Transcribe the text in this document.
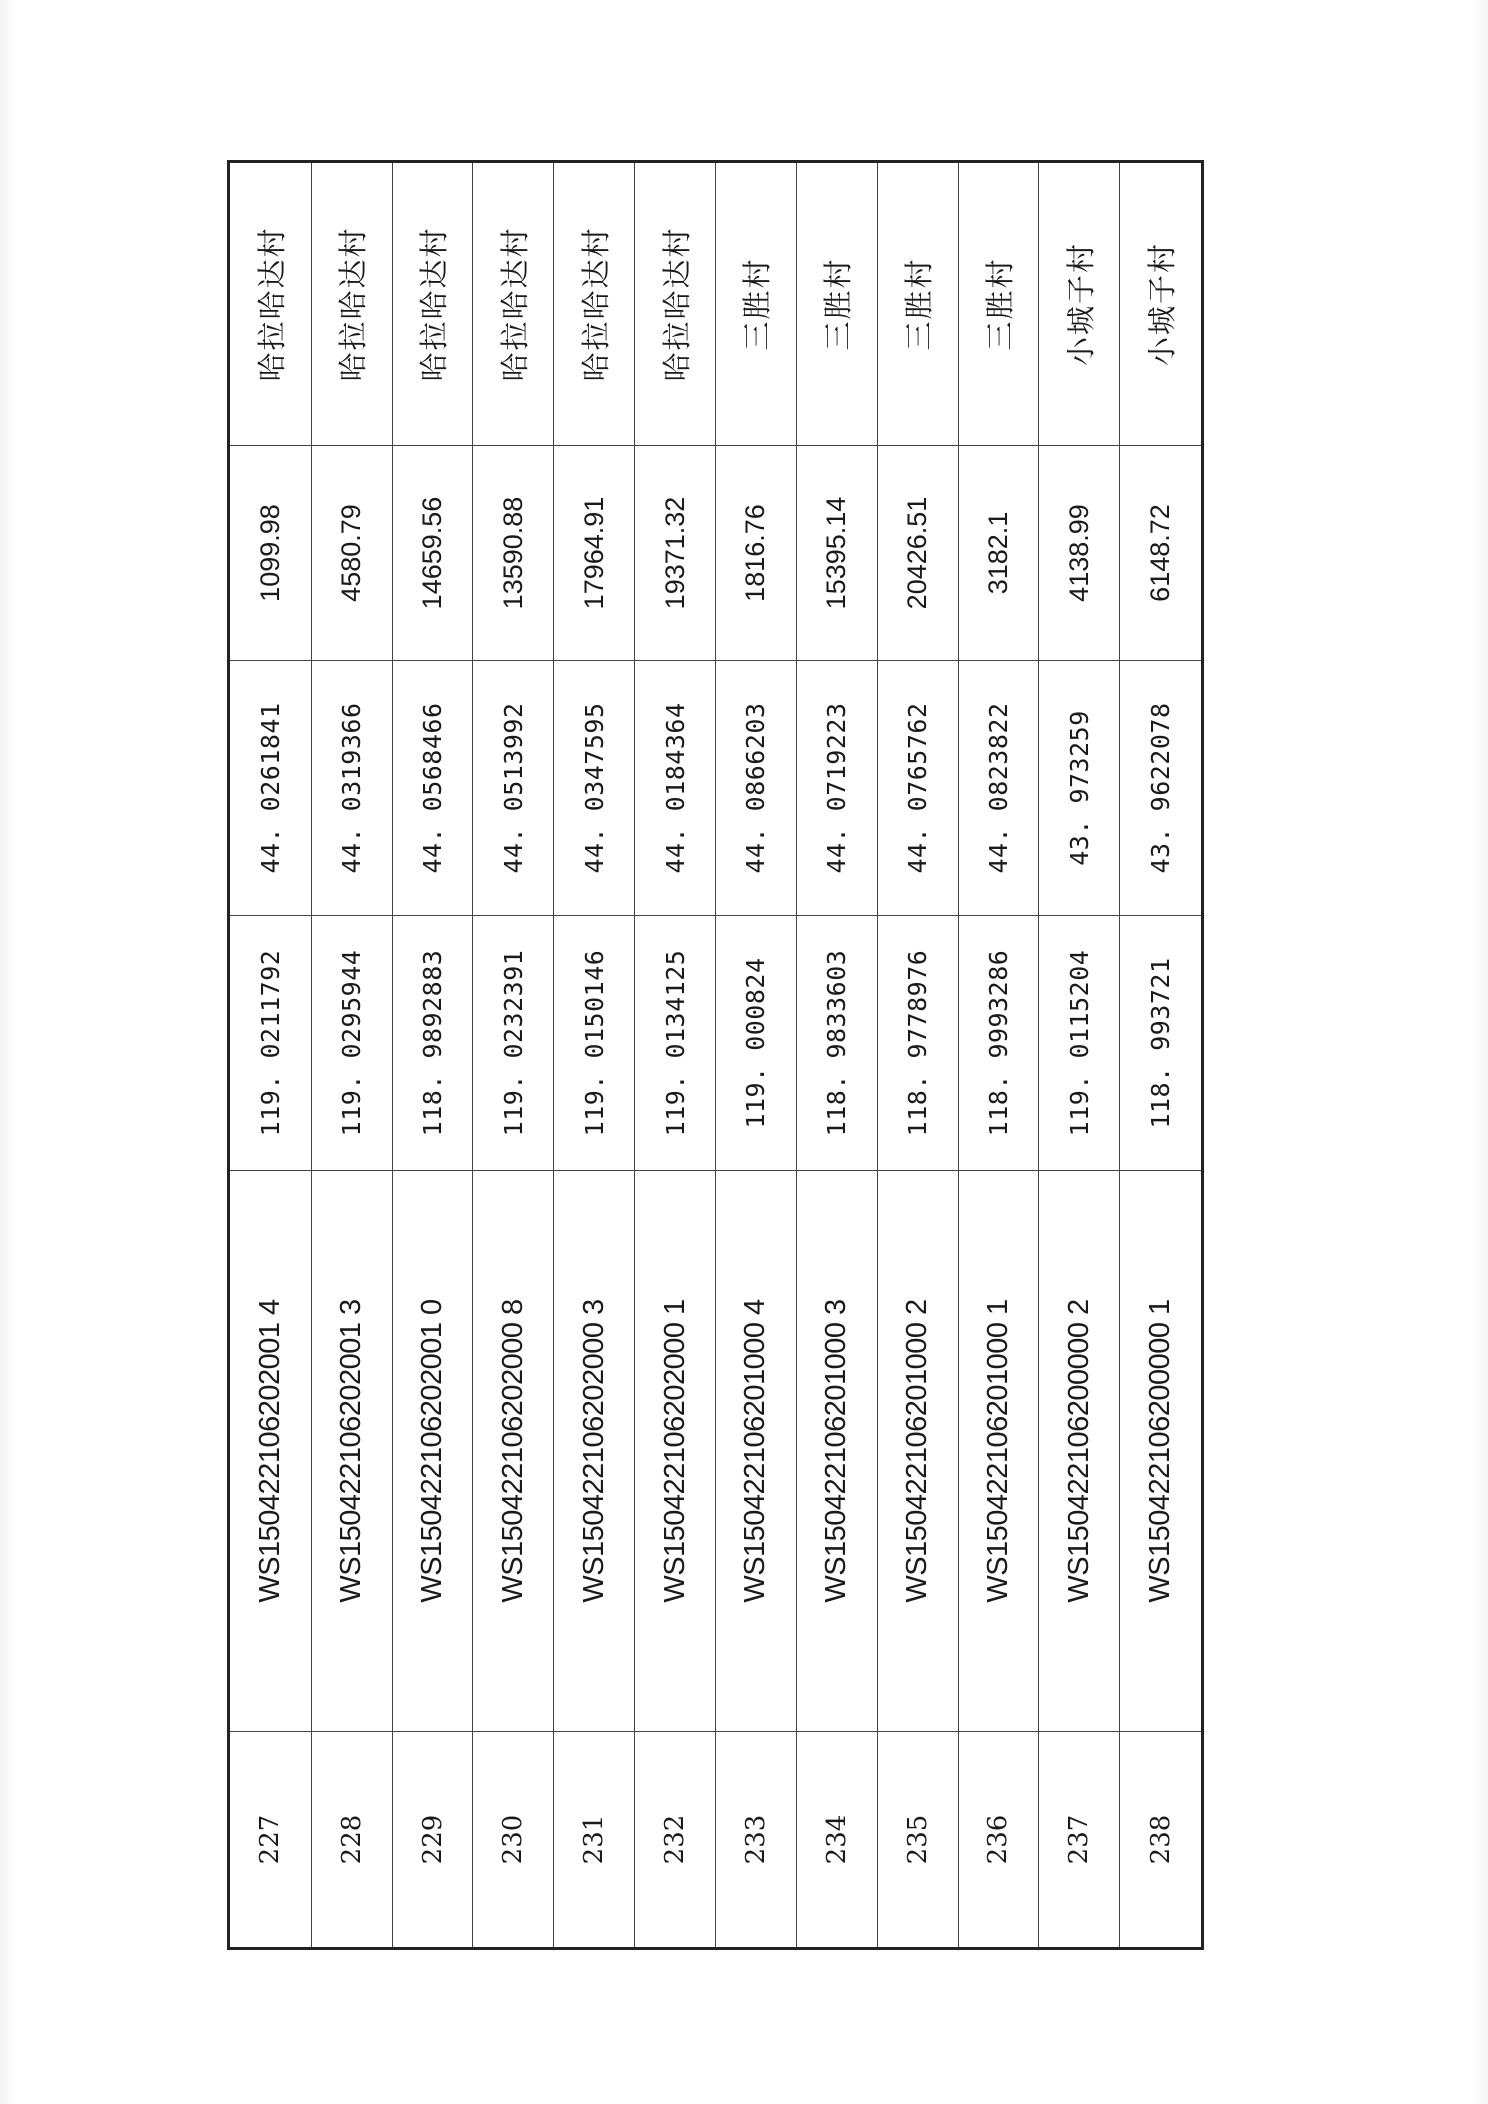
227	WS150422106202001 4	119. 0211792	44. 0261841	1099.98	哈拉哈达村
228	WS150422106202001 3	119. 0295944	44. 0319366	4580.79	哈拉哈达村
229	WS150422106202001 0	118. 9892883	44. 0568466	14659.56	哈拉哈达村
230	WS150422106202000 8	119. 0232391	44. 0513992	13590.88	哈拉哈达村
231	WS150422106202000 3	119. 0150146	44. 0347595	17964.91	哈拉哈达村
232	WS150422106202000 1	119. 0134125	44. 0184364	19371.32	哈拉哈达村
233	WS150422106201000 4	119. 000824	44. 0866203	1816.76	三胜村
234	WS150422106201000 3	118. 9833603	44. 0719223	15395.14	三胜村
235	WS150422106201000 2	118. 9778976	44. 0765762	20426.51	三胜村
236	WS150422106201000 1	118. 9993286	44. 0823822	3182.1	三胜村
237	WS150422106200000 2	119. 0115204	43. 973259	4138.99	小城子村
238	WS150422106200000 1	118. 993721	43. 9622078	6148.72	小城子村
